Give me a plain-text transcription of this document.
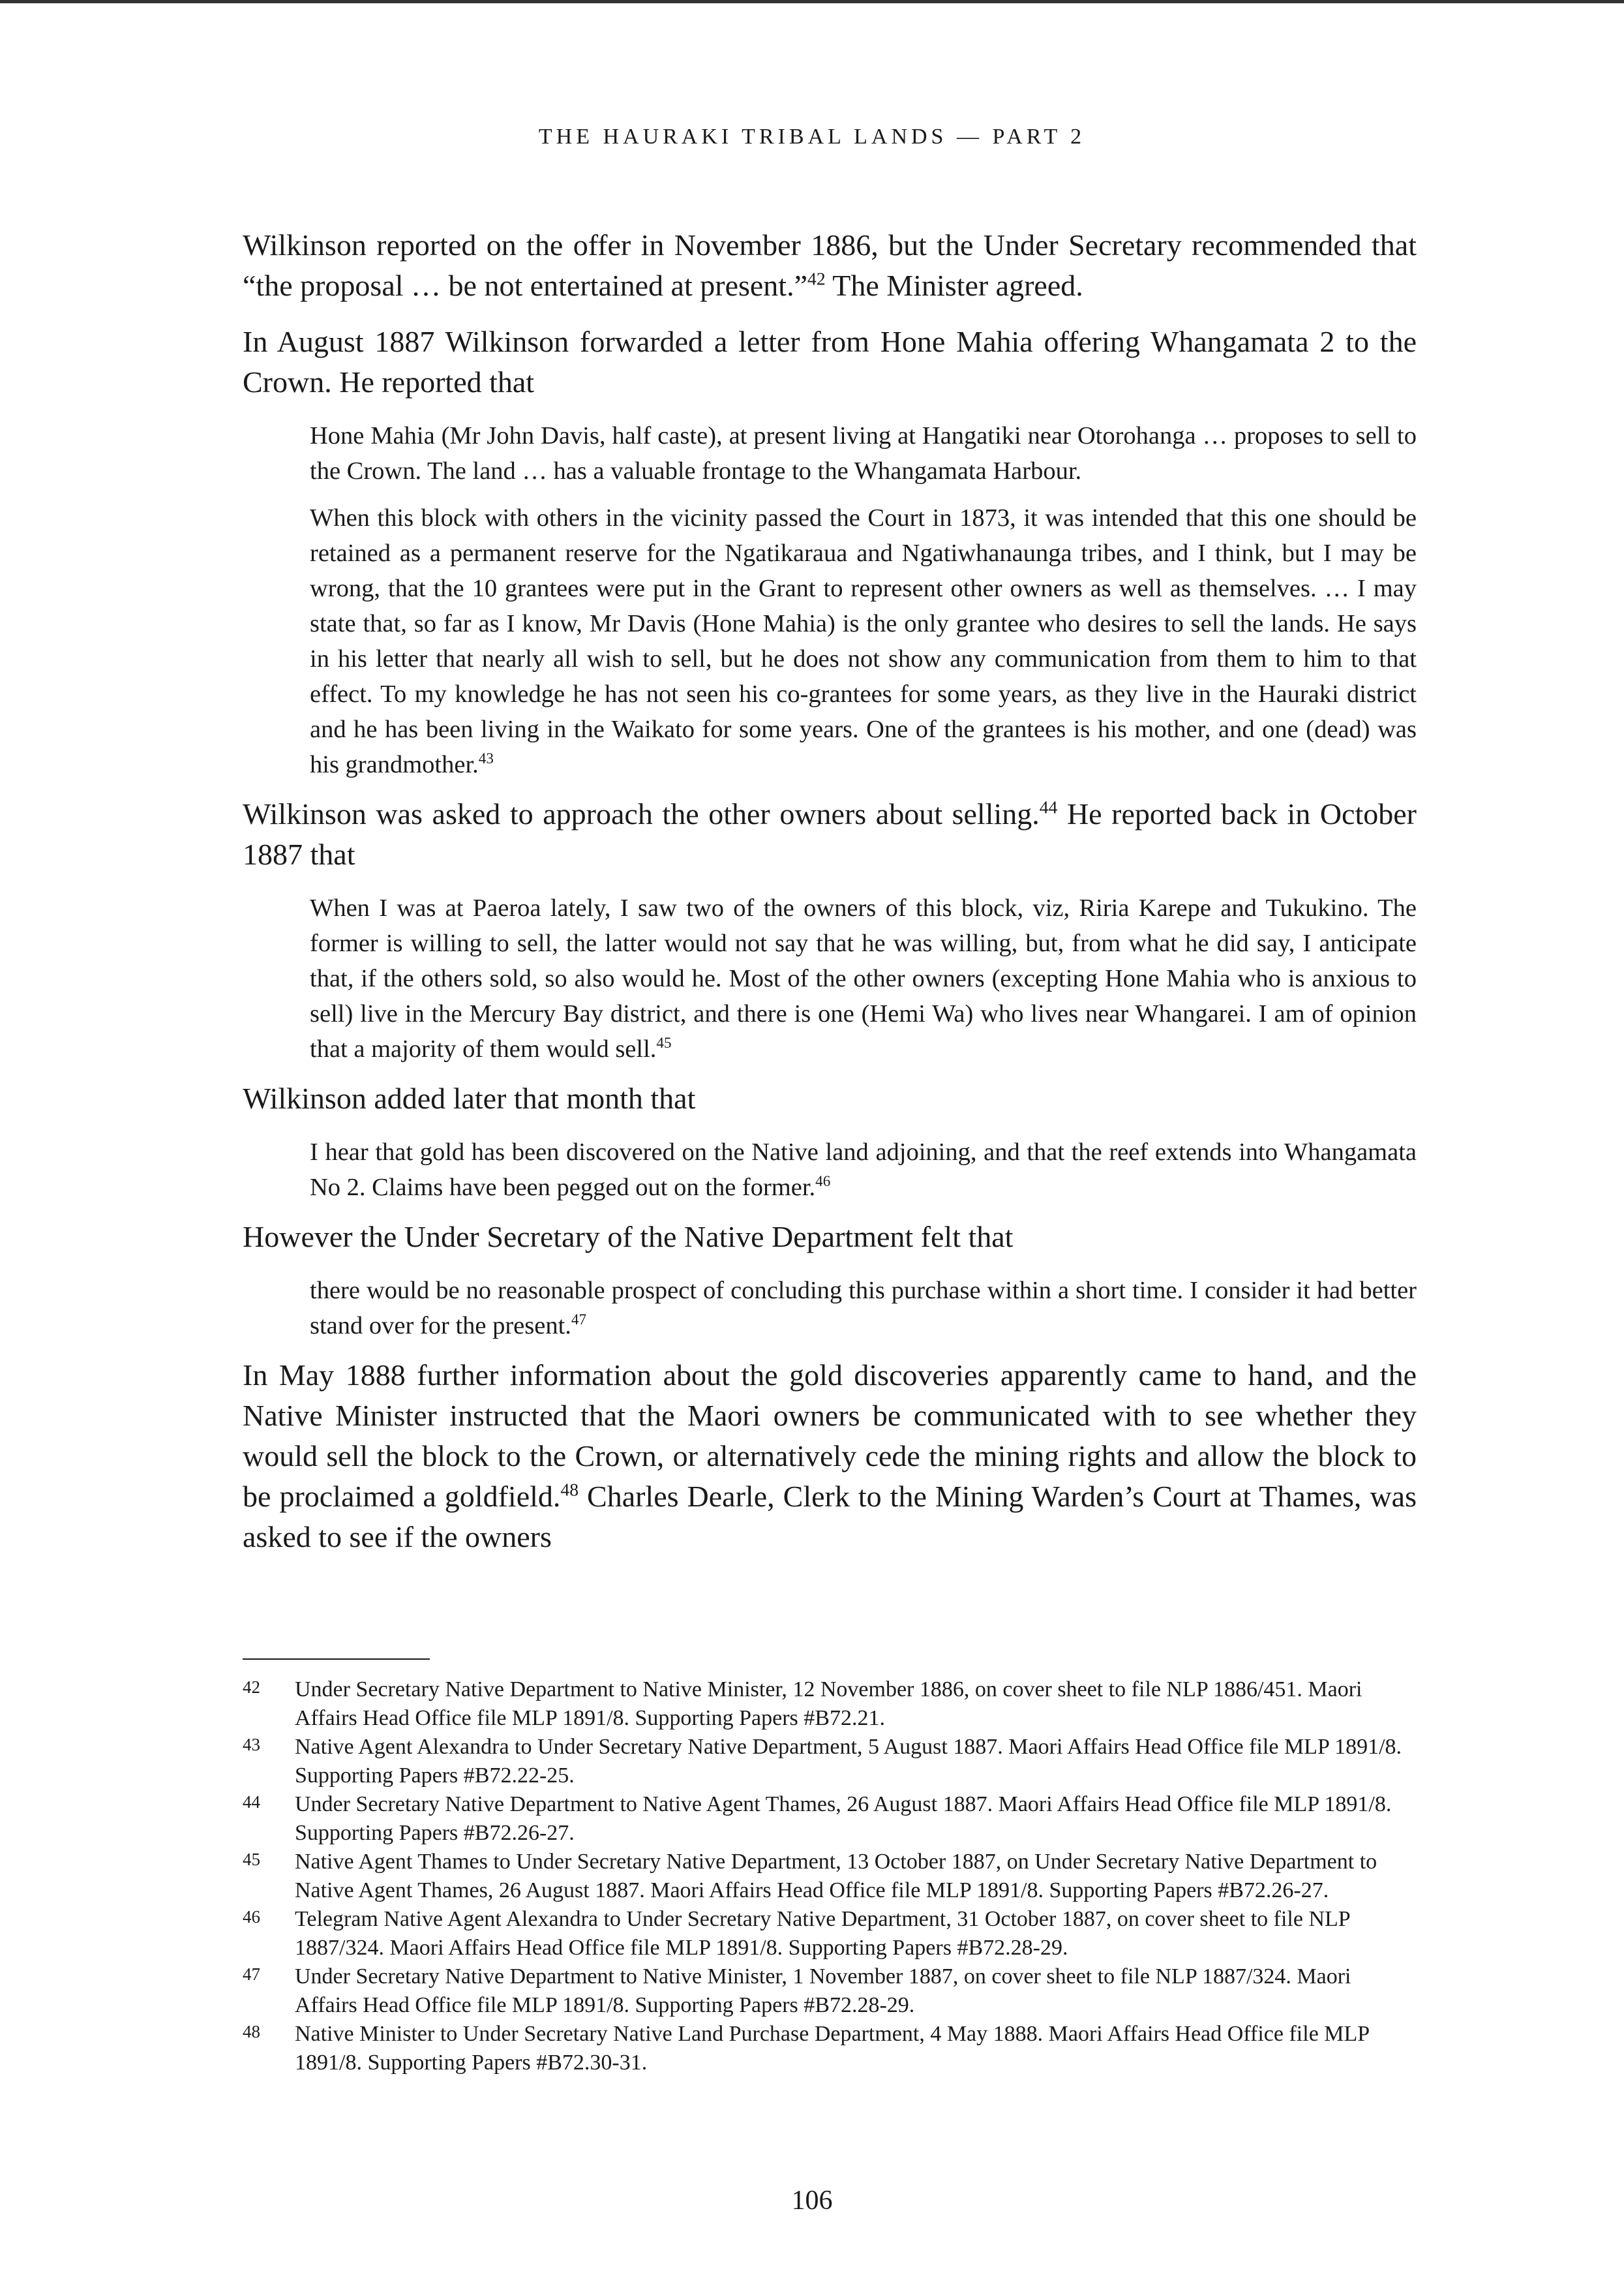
THE HAURAKI TRIBAL LANDS — PART 2

Wilkinson reported on the offer in November 1886, but the Under Secretary recommended that “the proposal … be not entertained at present.”$^{42}$ The Minister agreed.

In August 1887 Wilkinson forwarded a letter from Hone Mahia offering Whangamata 2 to the Crown. He reported that

Hone Mahia (Mr John Davis, half caste), at present living at Hangatiki near Otorohanga … proposes to sell to the Crown. The land … has a valuable frontage to the Whangamata Harbour.

When this block with others in the vicinity passed the Court in 1873, it was intended that this one should be retained as a permanent reserve for the Ngatikaraua and Ngatiwhanaunga tribes, and I think, but I may be wrong, that the 10 grantees were put in the Grant to represent other owners as well as themselves. … I may state that, so far as I know, Mr Davis (Hone Mahia) is the only grantee who desires to sell the lands. He says in his letter that nearly all wish to sell, but he does not show any communication from them to him to that effect. To my knowledge he has not seen his co-grantees for some years, as they live in the Hauraki district and he has been living in the Waikato for some years. One of the grantees is his mother, and one (dead) was his grandmother.$^{43}$

Wilkinson was asked to approach the other owners about selling.$^{44}$ He reported back in October 1887 that

When I was at Paeroa lately, I saw two of the owners of this block, viz, Riria Karepe and Tukukino. The former is willing to sell, the latter would not say that he was willing, but, from what he did say, I anticipate that, if the others sold, so also would he. Most of the other owners (excepting Hone Mahia who is anxious to sell) live in the Mercury Bay district, and there is one (Hemi Wa) who lives near Whangarei. I am of opinion that a majority of them would sell.$^{45}$

Wilkinson added later that month that

I hear that gold has been discovered on the Native land adjoining, and that the reef extends into Whangamata No 2. Claims have been pegged out on the former.$^{46}$

However the Under Secretary of the Native Department felt that

there would be no reasonable prospect of concluding this purchase within a short time. I consider it had better stand over for the present.$^{47}$

In May 1888 further information about the gold discoveries apparently came to hand, and the Native Minister instructed that the Maori owners be communicated with to see whether they would sell the block to the Crown, or alternatively cede the mining rights and allow the block to be proclaimed a goldfield.$^{48}$ Charles Dearle, Clerk to the Mining Warden’s Court at Thames, was asked to see if the owners

42 Under Secretary Native Department to Native Minister, 12 November 1886, on cover sheet to file NLP 1886/451. Maori Affairs Head Office file MLP 1891/8. Supporting Papers #B72.21.
43 Native Agent Alexandra to Under Secretary Native Department, 5 August 1887. Maori Affairs Head Office file MLP 1891/8. Supporting Papers #B72.22-25.
44 Under Secretary Native Department to Native Agent Thames, 26 August 1887. Maori Affairs Head Office file MLP 1891/8. Supporting Papers #B72.26-27.
45 Native Agent Thames to Under Secretary Native Department, 13 October 1887, on Under Secretary Native Department to Native Agent Thames, 26 August 1887. Maori Affairs Head Office file MLP 1891/8. Supporting Papers #B72.26-27.
46 Telegram Native Agent Alexandra to Under Secretary Native Department, 31 October 1887, on cover sheet to file NLP 1887/324. Maori Affairs Head Office file MLP 1891/8. Supporting Papers #B72.28-29.
47 Under Secretary Native Department to Native Minister, 1 November 1887, on cover sheet to file NLP 1887/324. Maori Affairs Head Office file MLP 1891/8. Supporting Papers #B72.28-29.
48 Native Minister to Under Secretary Native Land Purchase Department, 4 May 1888. Maori Affairs Head Office file MLP 1891/8. Supporting Papers #B72.30-31.
106
